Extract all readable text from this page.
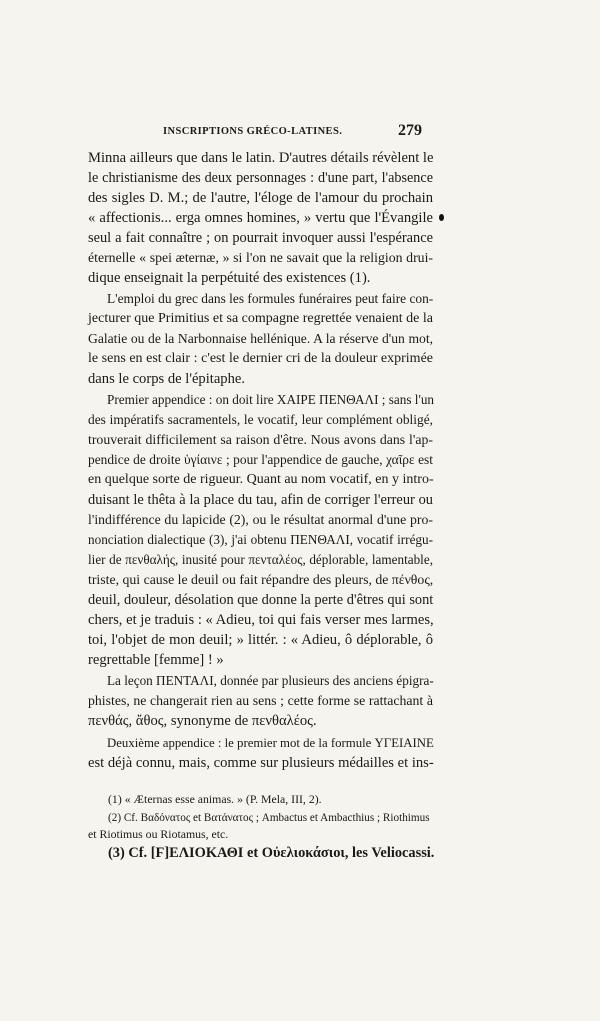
INSCRIPTIONS GRÉCO-LATINES.	279
Minna ailleurs que dans le latin. D'autres détails révèlent le
le christianisme des deux personnages : d'une part, l'absence
des sigles D. M.; de l'autre, l'éloge de l'amour du prochain
« affectionis... erga omnes homines, » vertu que l'Évangile
seul a fait connaître ; on pourrait invoquer aussi l'espérance
éternelle « spei æternæ, » si l'on ne savait que la religion drui-
dique enseignait la perpétuité des existences (1).
L'emploi du grec dans les formules funéraires peut faire con-
jecturer que Primitius et sa compagne regrettée venaient de la
Galatie ou de la Narbonnaise hellénique. A la réserve d'un mot,
le sens en est clair : c'est le dernier cri de la douleur exprimée
dans le corps de l'épitaphe.
Premier appendice : on doit lire ΧΑΙΡΕ ΠΕΝΘΑΛΙ ; sans l'un
des impératifs sacramentels, le vocatif, leur complément obligé,
trouverait difficilement sa raison d'être. Nous avons dans l'ap-
pendice de droite ὑγίαινε ; pour l'appendice de gauche, χαῖρε est
en quelque sorte de rigueur. Quant au nom vocatif, en y intro-
duisant le thêta à la place du tau, afin de corriger l'erreur ou
l'indifférence du lapicide (2), ou le résultat anormal d'une pro-
nonciation dialectique (3), j'ai obtenu ΠΕΝΘΑΛΙ, vocatif irrégu-
lier de πενθαλής, inusité pour πενταλέος, déplorable, lamentable,
triste, qui cause le deuil ou fait répandre des pleurs, de πένθος,
deuil, douleur, désolation que donne la perte d'êtres qui sont
chers, et je traduis : « Adieu, toi qui fais verser mes larmes,
toi, l'objet de mon deuil; » littér. : « Adieu, ô déplorable, ô
regrettable [femme] ! »
La leçon ΠΕΝΤΑΛΙ, donnée par plusieurs des anciens épigra-
phistes, ne changerait rien au sens ; cette forme se rattachant à
πενθάς, ἄθος, synonyme de πενθαλέος.
Deuxième appendice : le premier mot de la formule ΥΓΕΙΑΙΝΕ
est déjà connu, mais, comme sur plusieurs médailles et ins-
(1) « Æternas esse animas. » (P. Mela, III, 2).
(2) Cf. Βαδόνατος et Βατάνατος ; Ambactus et Ambacthius ; Riothimus
et Riotimus ou Riotamus, etc.
(3) Cf. [Ϝ]ΕΛΙΟΚΑΘΙ et Οὐελιοκάσιοι, les Veliocassi.
